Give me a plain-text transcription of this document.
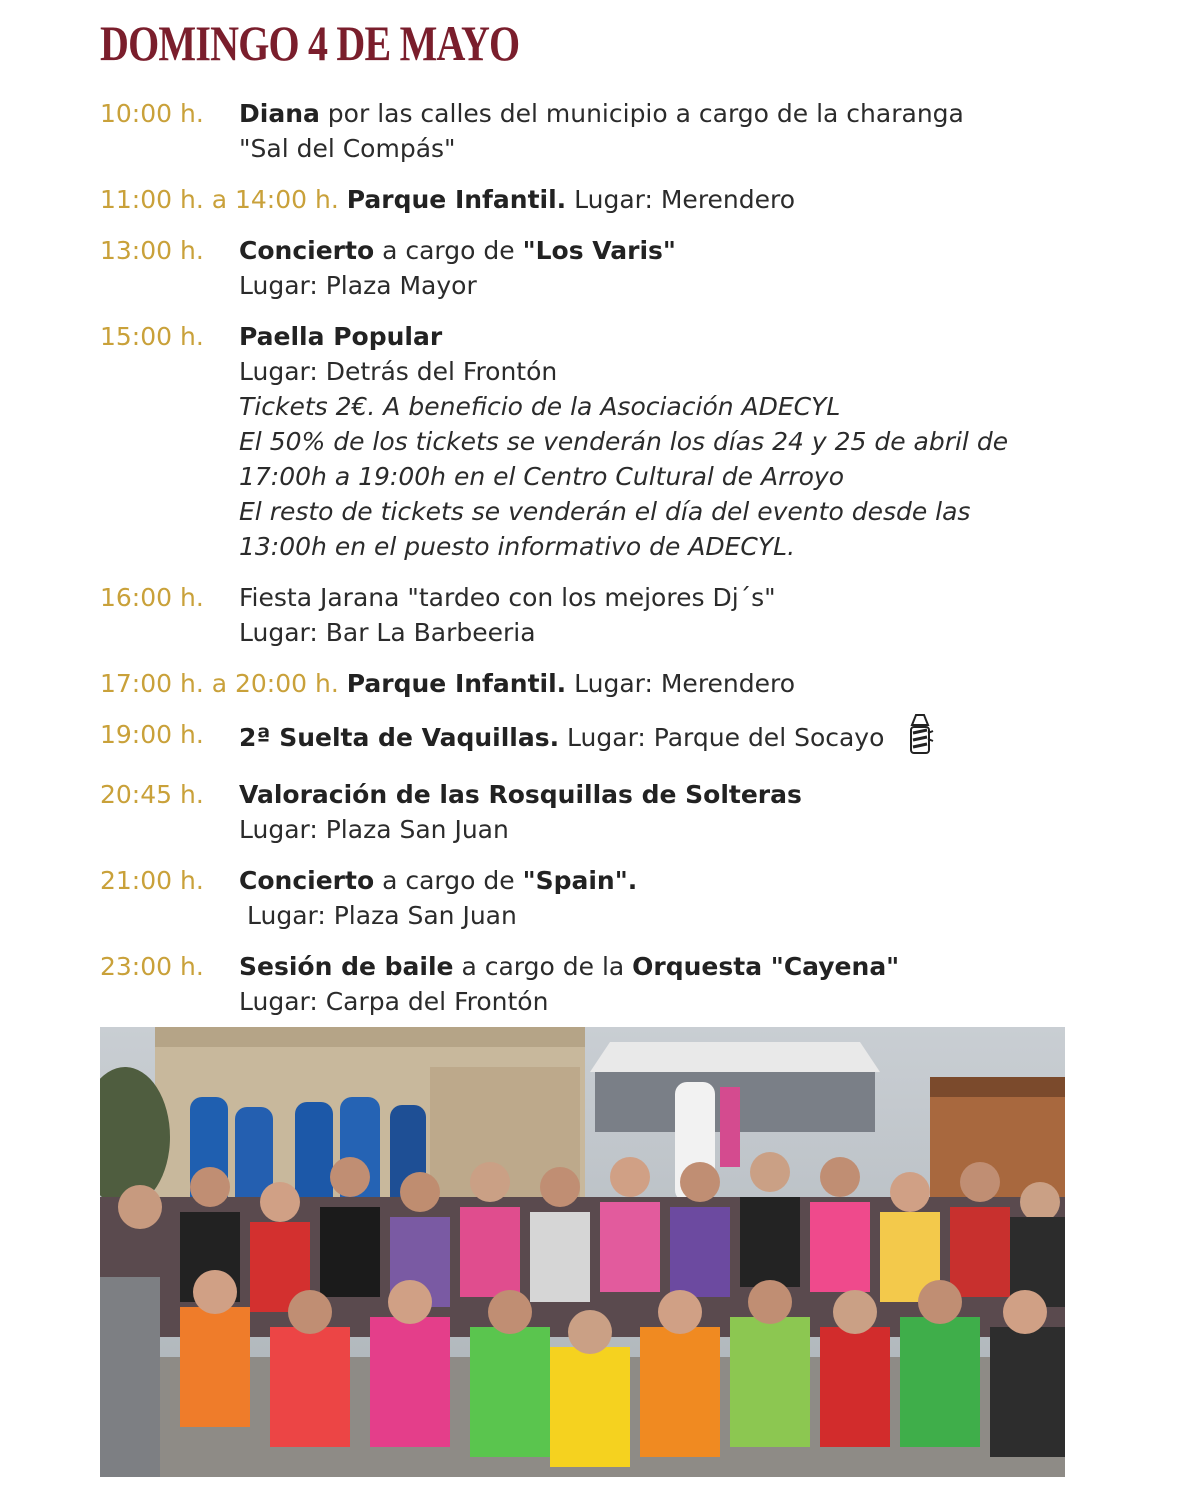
DOMINGO 4 DE MAYO
10:00 h. Diana por las calles del municipio a cargo de la charanga
"Sal del Compás"
11:00 h. a 14:00 h. Parque Infantil. Lugar: Merendero
13:00 h. Concierto a cargo de "Los Varis"
Lugar: Plaza Mayor
15:00 h. Paella Popular
Lugar: Detrás del Frontón
Tickets 2€. A beneficio de la Asociación ADECYL
El 50% de los tickets se venderán los días 24 y 25 de abril de
17:00h a 19:00h en el Centro Cultural de Arroyo
El resto de tickets se venderán el día del evento desde las
13:00h en el puesto informativo de ADECYL.
16:00 h. Fiesta Jarana "tardeo con los mejores Dj´s"
Lugar: Bar La Barbeeria
17:00 h. a 20:00 h. Parque Infantil. Lugar: Merendero
19:00 h. 2ª Suelta de Vaquillas. Lugar: Parque del Socayo
20:45 h. Valoración de las Rosquillas de Solteras
Lugar: Plaza San Juan
21:00 h. Concierto a cargo de "Spain".
Lugar: Plaza San Juan
23:00 h. Sesión de baile a cargo de la Orquesta "Cayena"
Lugar: Carpa del Frontón
